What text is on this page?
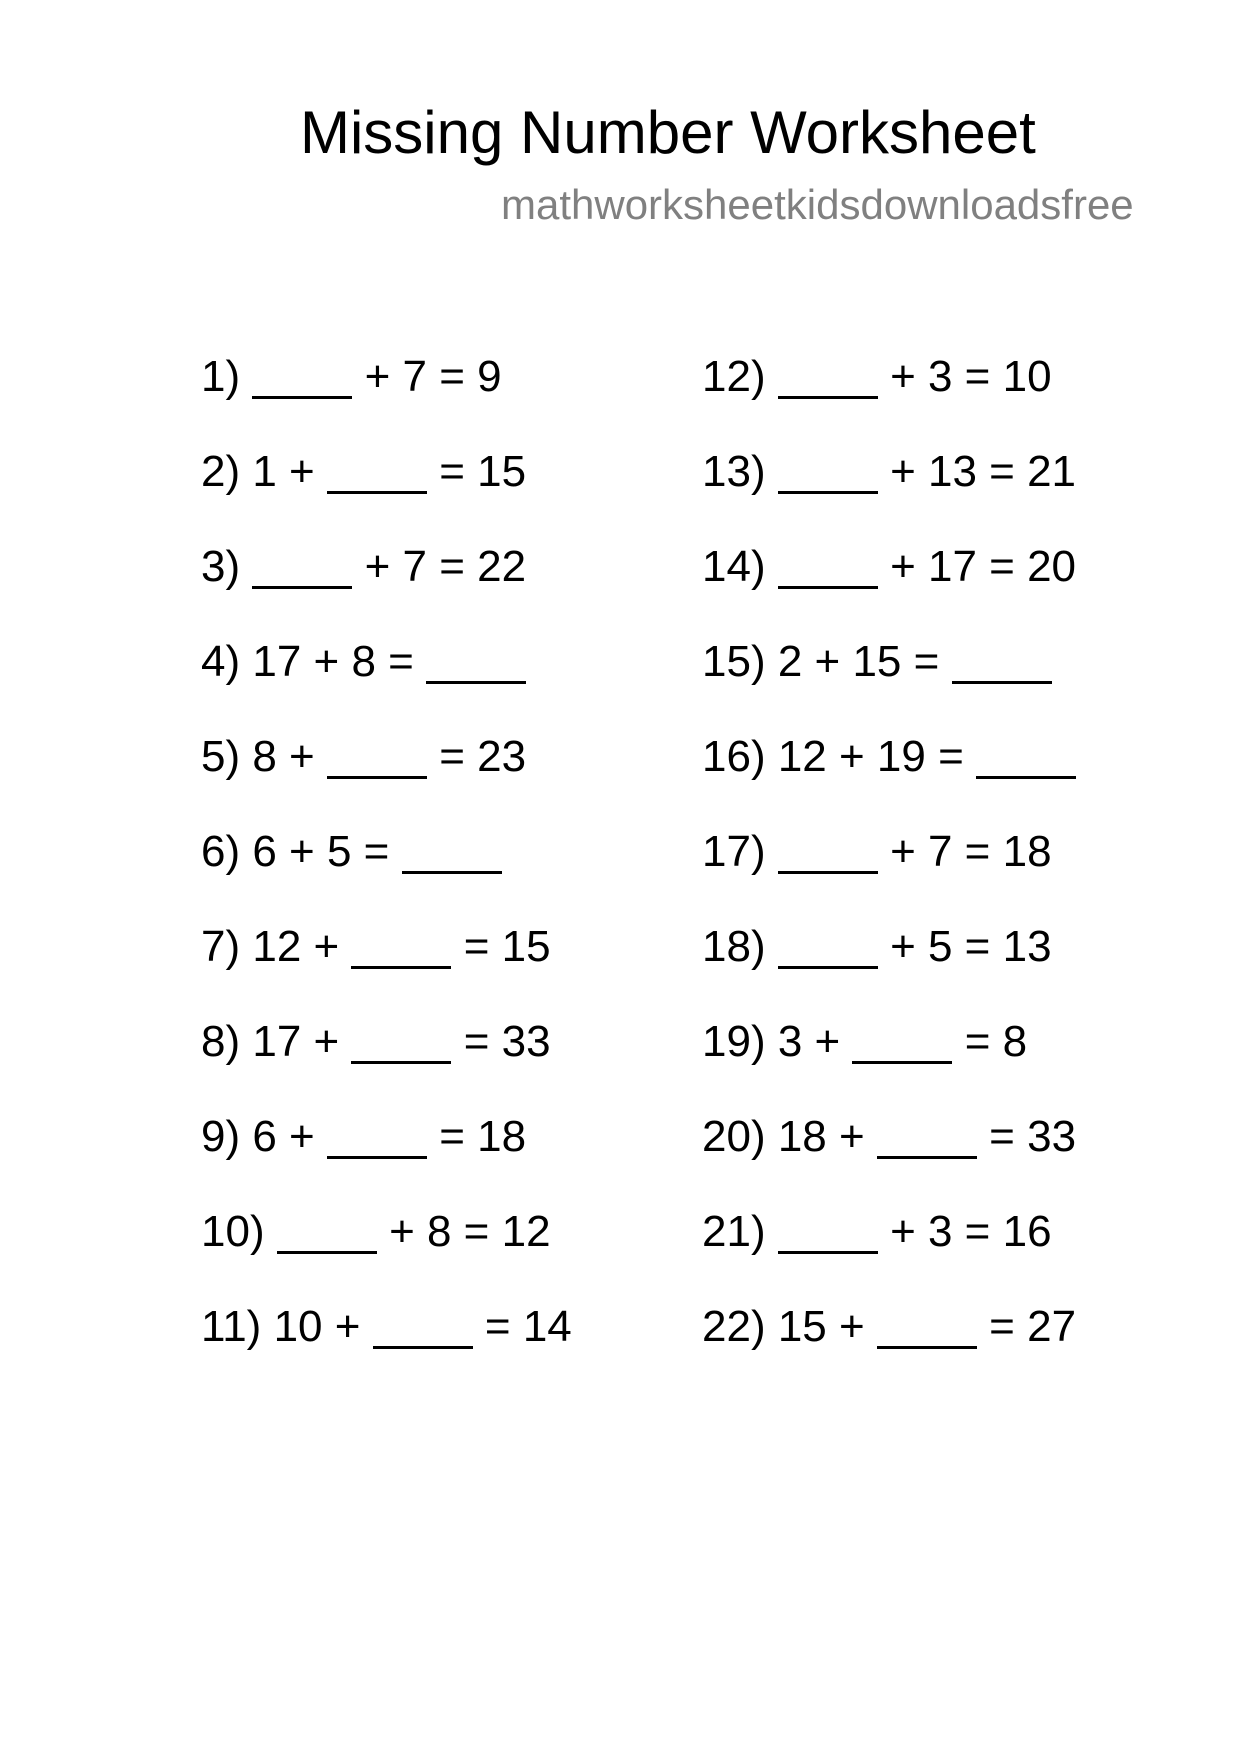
Missing Number Worksheet
mathworksheetkidsdownloadsfree
1)	+ 7 = 9
2) 1 +	= 15
3)	+ 7 = 22
4) 17 + 8 =
5) 8 +	= 23
6) 6 + 5 =
7) 12 +	= 15
8) 17 +	= 33
9) 6 +	= 18
10)	+ 8 = 12
11) 10 +	= 14
12)	+ 3 = 10
13)	+ 13 = 21
14)	+ 17 = 20
15) 2 + 15 =
16) 12 + 19 =
17)	+ 7 = 18
18)	+ 5 = 13
19) 3 +	= 8
20) 18 +	= 33
21)	+ 3 = 16
22) 15 +	= 27
